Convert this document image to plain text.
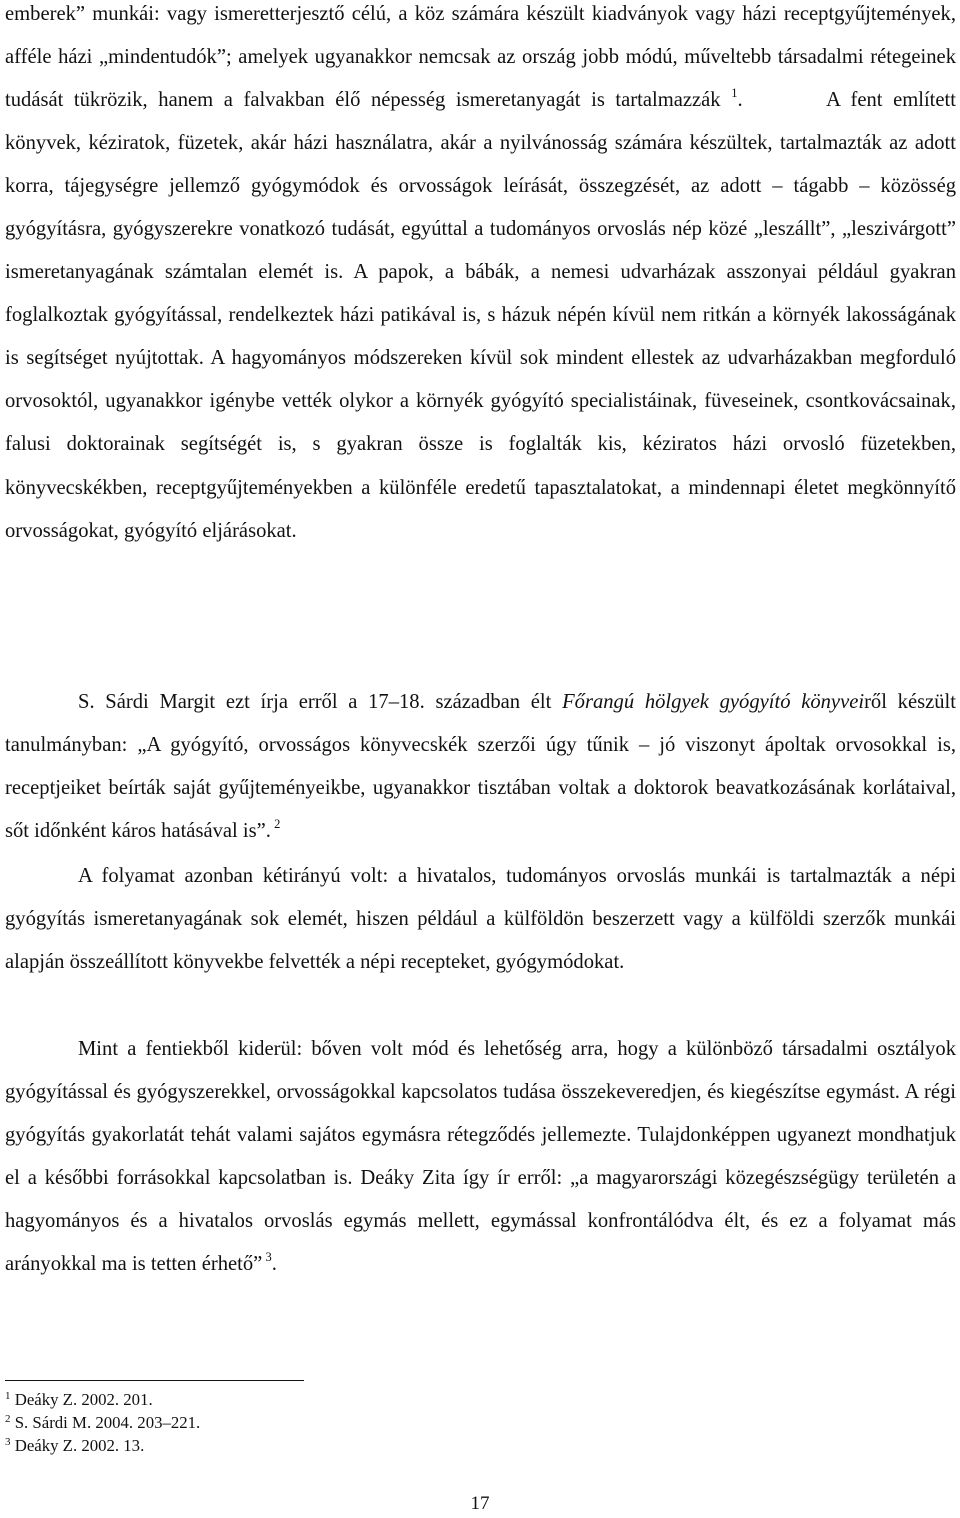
emberek” munkái: vagy ismeretterjesztő célú, a köz számára készült kiadványok vagy házi receptgyűjtemények, afféle házi „mindentudók”; amelyek ugyanakkor nemcsak az ország jobb módú, műveltebb társadalmi rétegeinek tudását tükrözik, hanem a falvakban élő népesség ismeretanyagát is tartalmazzák $^1$.	A fent említett könyvek, kéziratok, füzetek, akár házi használatra, akár a nyilvánosság számára készültek, tartalmazták az adott korra, tájegységre jellemző gyógymódok és orvosságok leírását, összegzését, az adott – tágabb – közösség gyógyításra, gyógyszerekre vonatkozó tudását, egyúttal a tudományos orvoslás nép közé „leszállt”, „leszivárgott” ismeretanyagának számtalan elemét is. A papok, a bábák, a nemesi udvarházak asszonyai például gyakran foglalkoztak gyógyítással, rendelkeztek házi patikával is, s házuk népén kívül nem ritkán a környék lakosságának is segítséget nyújtottak. A hagyományos módszereken kívül sok mindent ellestek az udvarházakban megforduló orvosoktól, ugyanakkor igénybe vették olykor a környék gyógyító specialistáinak, füveseinek, csontkovácsainak, falusi doktorainak segítségét is, s gyakran össze is foglalták kis, kéziratos házi orvosló füzetekben, könyvecskékben, receptgyűjteményekben a különféle eredetű tapasztalatokat, a mindennapi életet megkönnyítő orvosságokat, gyógyító eljárásokat.

S. Sárdi Margit ezt írja erről a 17–18. században élt Főrangú hölgyek gyógyító könyveiről készült tanulmányban: „A gyógyító, orvosságos könyvecskék szerzői úgy tűnik – jó viszonyt ápoltak orvosokkal is, receptjeiket beírták saját gyűjteményeikbe, ugyanakkor tisztában voltak a doktorok beavatkozásának korlátaival, sőt időnként káros hatásával is”. $^2$

A folyamat azonban kétirányú volt: a hivatalos, tudományos orvoslás munkái is tartalmazták a népi gyógyítás ismeretanyagának sok elemét, hiszen például a külföldön beszerzett vagy a külföldi szerzők munkái alapján összeállított könyvekbe felvették a népi recepteket, gyógymódokat.

Mint a fentiekből kiderül: bőven volt mód és lehetőség arra, hogy a különböző társadalmi osztályok gyógyítással és gyógyszerekkel, orvosságokkal kapcsolatos tudása összekeveredjen, és kiegészítse egymást. A régi gyógyítás gyakorlatát tehát valami sajátos egymásra rétegződés jellemezte. Tulajdonképpen ugyanezt mondhatjuk el a későbbi forrásokkal kapcsolatban is. Deáky Zita így ír erről: „a magyarországi közegészségügy területén a hagyományos és a hivatalos orvoslás egymás mellett, egymással konfrontálódva élt, és ez a folyamat más arányokkal ma is tetten érhető” $^3$.

$^1$ Deáky Z. 2002. 201.

$^2$ S. Sárdi M. 2004. 203–221.

$^3$ Deáky Z. 2002. 13.

17
